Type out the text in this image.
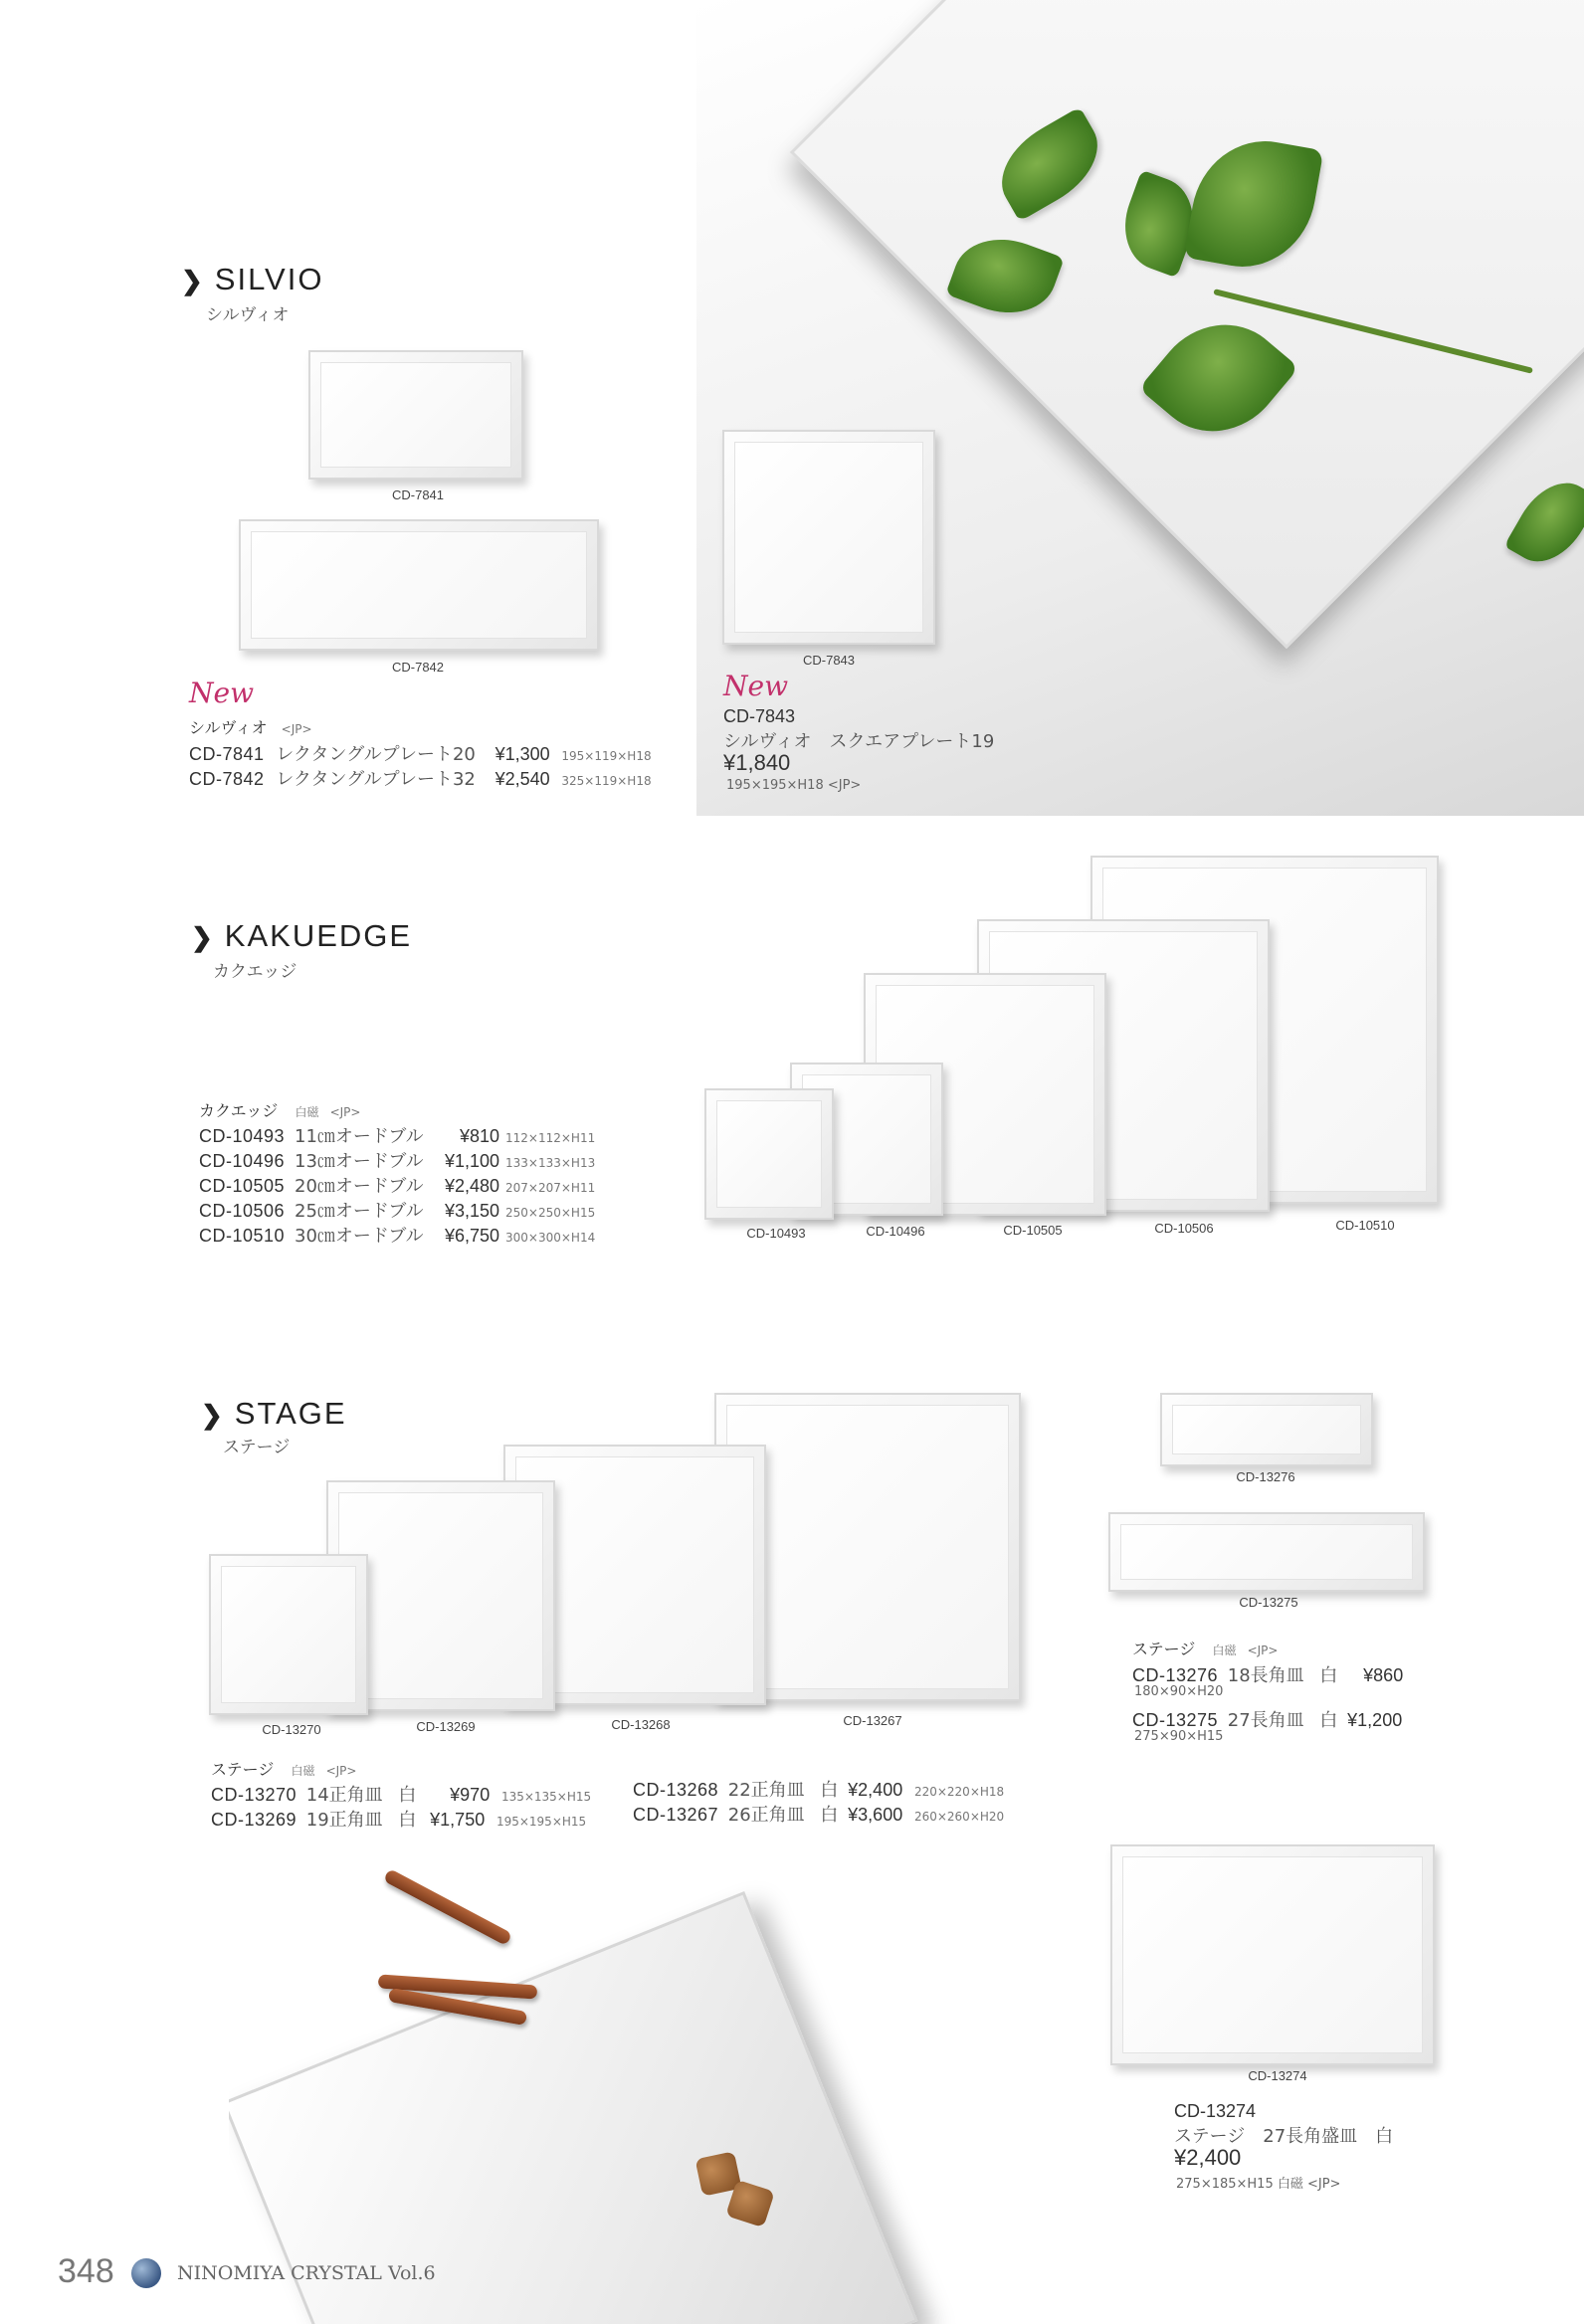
❯ SILVIO
シルヴィオ
CD-7841
CD-7842	CD-7843
New
シルヴィオ <JP>
CD-7841 レクタングルプレート20 ¥1,300 195×119×H18
CD-7842 レクタングルプレート32 ¥2,540 325×119×H18
New
CD-7843
シルヴィオ　スクエアプレート19
¥1,840
195×195×H18 <JP>
❯ KAKUEDGE
カクエッジ
CD-10493	CD-10496	CD-10505	CD-10506	CD-10510
カクエッジ 白磁 <JP>
CD-10493 11㎝オードブル ¥810 112×112×H11
CD-10496 13㎝オードブル ¥1,100 133×133×H13
CD-10505 20㎝オードブル ¥2,480 207×207×H11
CD-10506 25㎝オードブル ¥3,150 250×250×H15
CD-10510 30㎝オードブル ¥6,750 300×300×H14
❯ STAGE
ステージ
CD-13270	CD-13269	CD-13268	CD-13267
ステージ 白磁 <JP>
CD-13270 14正角皿 白 ¥970 135×135×H15
CD-13269 19正角皿 白 ¥1,750 195×195×H15
CD-13268 22正角皿 白 ¥2,400 220×220×H18
CD-13267 26正角皿 白 ¥3,600 260×260×H20
CD-13276
CD-13275
ステージ 白磁 <JP>
CD-13276 18長角皿 白 ¥860
180×90×H20
CD-13275 27長角皿 白 ¥1,200
275×90×H15
CD-13274
CD-13274
ステージ　27長角盛皿　白
¥2,400
275×185×H15 白磁 <JP>
348	NINOMIYA CRYSTAL Vol.6
